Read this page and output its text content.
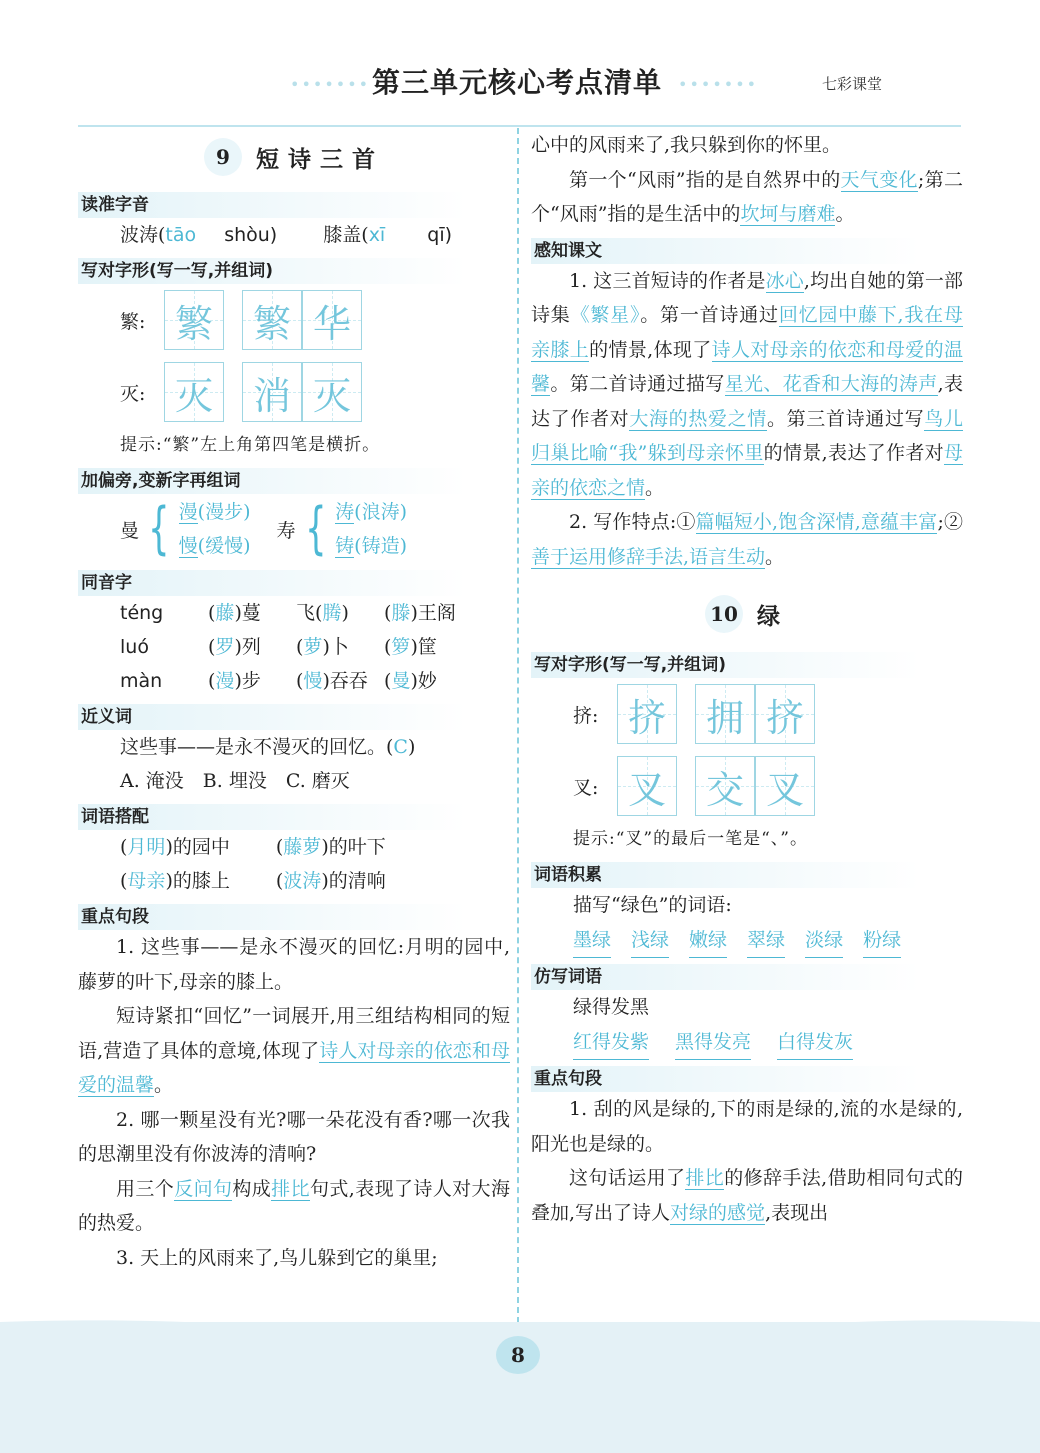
••••••• 第三单元核心考点清单 •••••••	七彩课堂
9	短诗三首
读准字音
波涛(tāo shòu) 膝盖(xī qī)
写对字形(写一写,并组词)
繁: 繁 繁 华
灭: 灭 消 灭
提示:“繁”左上角第四笔是横折。
加偏旁,变新字再组词
曼 { 漫(漫步)
慢(缓慢)
寿 { 涛(浪涛)
铸(铸造)
同音字
téng	(藤)蔓	飞(腾)	(滕)王阁
luó	(罗)列	(萝)卜	(箩)筐
màn	(漫)步	(慢)吞吞 (曼)妙
近义词
这些事——是永不漫灭的回忆。(C)
A. 淹没　B. 埋没　C. 磨灭
词语搭配
(月明)的园中 (藤萝)的叶下
(母亲)的膝上 (波涛)的清响
重点句段
1. 这些事——是永不漫灭的回忆:月明的园中,藤萝的叶下,母亲的膝上。
短诗紧扣“回忆”一词展开,用三组结构相同的短语,营造了具体的意境,体现了诗人对母亲的依恋和母爱的温馨。
2. 哪一颗星没有光?哪一朵花没有香?哪一次我的思潮里没有你波涛的清响?
用三个反问句构成排比句式,表现了诗人对大海的热爱。
3. 天上的风雨来了,鸟儿躲到它的巢里;
心中的风雨来了,我只躲到你的怀里。
第一个“风雨”指的是自然界中的天气变化;第二个“风雨”指的是生活中的坎坷与磨难。
感知课文
1. 这三首短诗的作者是冰心,均出自她的第一部诗集《繁星》。第一首诗通过回忆园中藤下,我在母亲膝上的情景,体现了诗人对母亲的依恋和母爱的温馨。第二首诗通过描写星光、花香和大海的涛声,表达了作者对大海的热爱之情。第三首诗通过写鸟儿归巢比喻“我”躲到母亲怀里的情景,表达了作者对母亲的依恋之情。
2. 写作特点:①篇幅短小,饱含深情,意蕴丰富;②善于运用修辞手法,语言生动。
10 绿
写对字形(写一写,并组词)
挤: 挤 拥 挤
叉: 叉 交 叉
提示:“叉”的最后一笔是“、”。
词语积累
描写“绿色”的词语:
墨绿 浅绿 嫩绿 翠绿 淡绿 粉绿
仿写词语
绿得发黑
红得发紫 黑得发亮 白得发灰
重点句段
1. 刮的风是绿的,下的雨是绿的,流的水是绿的,阳光也是绿的。
这句话运用了排比的修辞手法,借助相同句式的叠加,写出了诗人对绿的感觉,表现出
8
